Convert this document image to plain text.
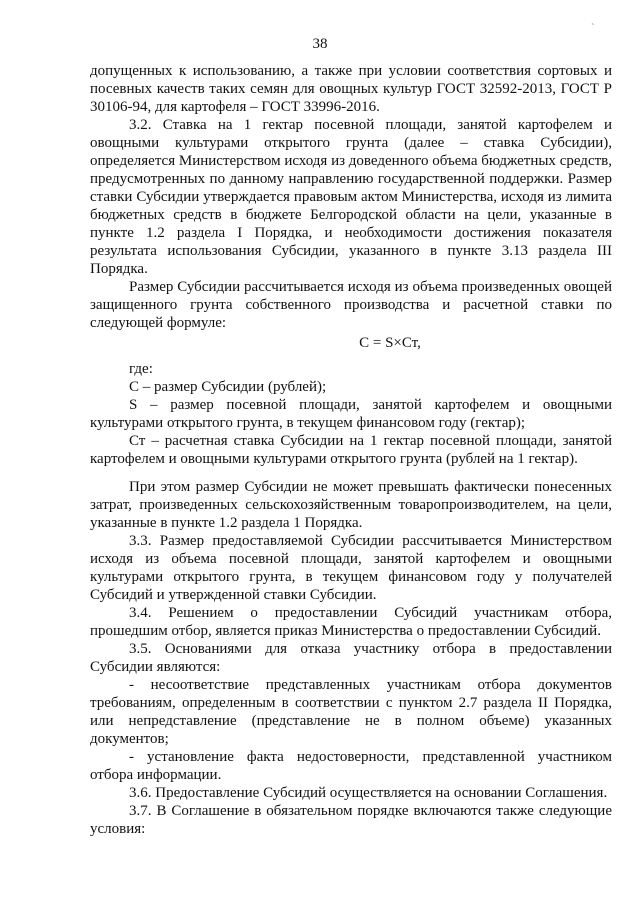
`
38

допущенных к использованию, а также при условии соответствия сортовых и посевных качеств таких семян для овощных культур ГОСТ 32592-2013, ГОСТ Р 30106-94, для картофеля – ГОСТ 33996-2016.

3.2. Ставка на 1 гектар посевной площади, занятой картофелем и овощными культурами открытого грунта (далее – ставка Субсидии), определяется Министерством исходя из доведенного объема бюджетных средств, предусмотренных по данному направлению государственной поддержки. Размер ставки Субсидии утверждается правовым актом Министерства, исходя из лимита бюджетных средств в бюджете Белгородской области на цели, указанные в пункте 1.2 раздела I Порядка, и необходимости достижения показателя результата использования Субсидии, указанного в пункте 3.13 раздела III Порядка.

Размер Субсидии рассчитывается исходя из объема произведенных овощей защищенного грунта собственного производства и расчетной ставки по следующей формуле:

С = S×Ст,

где:

С – размер Субсидии (рублей);

S – размер посевной площади, занятой картофелем и овощными культурами открытого грунта, в текущем финансовом году (гектар);

Ст – расчетная ставка Субсидии на 1 гектар посевной площади, занятой картофелем и овощными культурами открытого грунта (рублей на 1 гектар).

При этом размер Субсидии не может превышать фактически понесенных затрат, произведенных сельскохозяйственным товаропроизводителем, на цели, указанные в пункте 1.2 раздела 1 Порядка.

3.3. Размер предоставляемой Субсидии рассчитывается Министерством исходя из объема посевной площади, занятой картофелем и овощными культурами открытого грунта, в текущем финансовом году у получателей Субсидий и утвержденной ставки Субсидии.

3.4. Решением о предоставлении Субсидий участникам отбора, прошедшим отбор, является приказ Министерства о предоставлении Субсидий.

3.5. Основаниями для отказа участнику отбора в предоставлении Субсидии являются:

- несоответствие представленных участникам отбора документов требованиям, определенным в соответствии с пунктом 2.7 раздела II Порядка, или непредставление (представление не в полном объеме) указанных документов;

- установление факта недостоверности, представленной участником отбора информации.

3.6. Предоставление Субсидий осуществляется на основании Соглашения.

3.7. В Соглашение в обязательном порядке включаются также следующие условия:
